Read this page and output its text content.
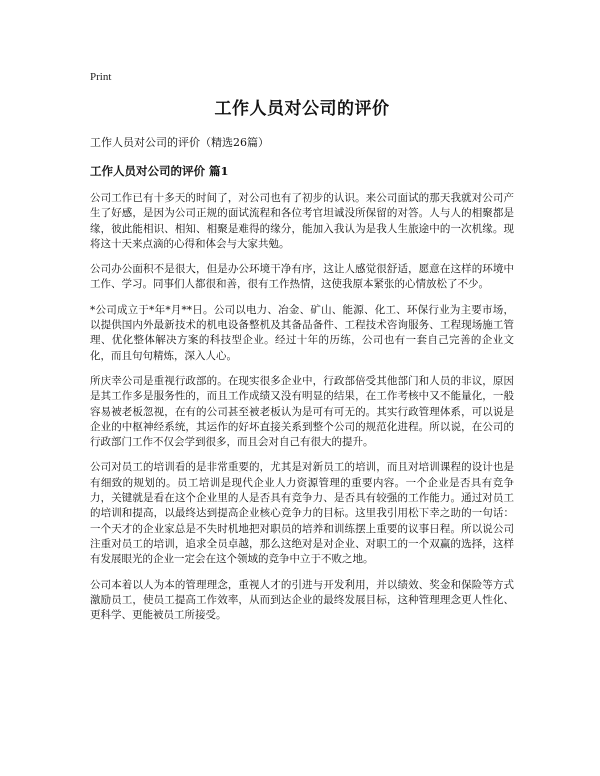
Print
工作人员对公司的评价

工作人员对公司的评价（精选26篇）

工作人员对公司的评价 篇1

公司工作已有十多天的时间了，对公司也有了初步的认识。来公司面试的那天我就对公司产生了好感，是因为公司正规的面试流程和各位考官坦诚没所保留的对答。人与人的相聚都是缘，彼此能相识、相知、相聚是难得的缘分，能加入我认为是我人生旅途中的一次机缘。现将这十天来点滴的心得和体会与大家共勉。

公司办公面积不是很大，但是办公环境干净有序，这让人感觉很舒适，愿意在这样的环境中工作、学习。同事们人都很和善，很有工作热情，这使我原本紧张的心情放松了不少。

*公司成立于*年*月**日。公司以电力、冶金、矿山、能源、化工、环保行业为主要市场，以提供国内外最新技术的机电设备整机及其备品备件、工程技术咨询服务、工程现场施工管理、优化整体解决方案的科技型企业。经过十年的历练，公司也有一套自己完善的企业文化，而且句句精炼，深入人心。

所庆幸公司是重视行政部的。在现实很多企业中，行政部倍受其他部门和人员的非议，原因是其工作多是服务性的，而且工作成绩又没有明显的结果，在工作考核中又不能量化，一般容易被老板忽视，在有的公司甚至被老板认为是可有可无的。其实行政管理体系，可以说是企业的中枢神经系统，其运作的好坏直接关系到整个公司的规范化进程。所以说，在公司的行政部门工作不仅会学到很多，而且会对自己有很大的提升。

公司对员工的培训看的是非常重要的，尤其是对新员工的培训，而且对培训课程的设计也是有细致的规划的。员工培训是现代企业人力资源管理的重要内容。一个企业是否具有竞争力，关键就是看在这个企业里的人是否具有竞争力、是否具有较强的工作能力。通过对员工的培训和提高，以最终达到提高企业核心竞争力的目标。这里我引用松下幸之助的一句话：一个天才的企业家总是不失时机地把对职员的培养和训练摆上重要的议事日程。所以说公司注重对员工的培训，追求全员卓越，那么这绝对是对企业、对职工的一个双赢的选择，这样有发展眼光的企业一定会在这个领域的竞争中立于不败之地。

公司本着以人为本的管理理念，重视人才的引进与开发利用，并以绩效、奖金和保险等方式激励员工，使员工提高工作效率，从而到达企业的最终发展目标，这种管理理念更人性化、更科学、更能被员工所接受。
